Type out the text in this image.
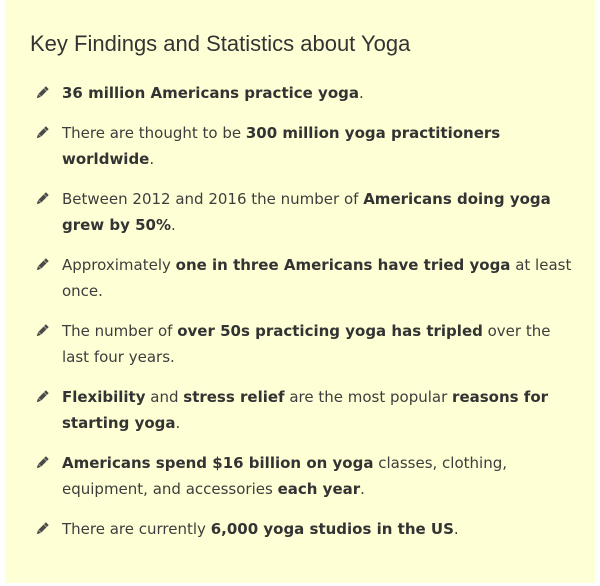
Key Findings and Statistics about Yoga
36 million Americans practice yoga.
There are thought to be 300 million yoga practitioners worldwide.
Between 2012 and 2016 the number of Americans doing yoga grew by 50%.
Approximately one in three Americans have tried yoga at least once.
The number of over 50s practicing yoga has tripled over the last four years.
Flexibility and stress relief are the most popular reasons for starting yoga.
Americans spend $16 billion on yoga classes, clothing, equipment, and accessories each year.
There are currently 6,000 yoga studios in the US.
